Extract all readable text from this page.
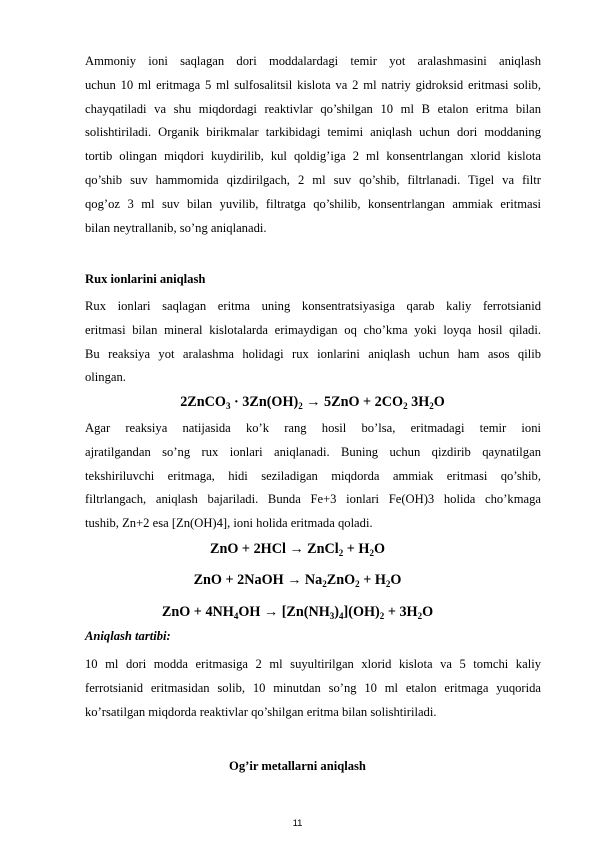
Ammoniy ioni saqlagan dori moddalardagi temir yot aralashmasini aniqlash
uchun 10 ml eritmaga 5 ml sulfosalitsil kislota va 2 ml natriy gidroksid eritmasi solib,
chayqatiladi va shu miqdordagi reaktivlar qo’shilgan 10 ml B etalon eritma bilan
solishtiriladi. Organik birikmalar tarkibidagi temimi aniqlash uchun dori moddaning
tortib olingan miqdori kuydirilib, kul qoldig’iga 2 ml konsentrlangan xlorid kislota
qo’shib suv hammomida qizdirilgach, 2 ml suv qo’shib, filtrlanadi. Tigel va filtr
qog’oz 3 ml suv bilan yuvilib, filtratga qo’shilib, konsentrlangan ammiak eritmasi
bilan neytrallanib, so’ng aniqlanadi.
Rux ionlarini aniqlash
Rux ionlari saqlagan eritma uning konsentratsiyasiga qarab kaliy ferrotsianid
eritmasi bilan mineral kislotalarda erimaydigan oq cho’kma yoki loyqa hosil qiladi.
Bu reaksiya yot aralashma holidagi rux ionlarini aniqlash uchun ham asos qilib
olingan.
2ZnCO$_3$ · $3Zn(OH)_2 \to 5ZnO + 2CO_2$ $3H_2O$
Agar reaksiya natijasida ko’k rang hosil bo’lsa, eritmadagi temir ioni
ajratilgandan so’ng rux ionlari aniqlanadi. Buning uchun qizdirib qaynatilgan
tekshiriluvchi eritmaga, hidi seziladigan miqdorda ammiak eritmasi qo’shib,
filtrlangach, aniqlash bajariladi. Bunda Fe+3 ionlari Fe(OH)3 holida cho’kmaga
tushib, Zn+2 esa [Zn(OH)4], ioni holida eritmada qoladi.
ZnO + 2HCl → ZnCl$_2$ + $H_2O$
ZnO + 2NaOH → $Na_2ZnO_2 + H_2O$
ZnO + $4NH_4OH \to [Zn(NH_3)_4](OH)_2 + 3H_2O$
Aniqlash tartibi:
10 ml dori modda eritmasiga 2 ml suyultirilgan xlorid kislota va 5 tomchi kaliy
ferrotsianid eritmasidan solib, 10 minutdan so’ng 10 ml etalon eritmaga yuqorida
ko’rsatilgan miqdorda reaktivlar qo’shilgan eritma bilan solishtiriladi.
Og’ir metallarni aniqlash
11
